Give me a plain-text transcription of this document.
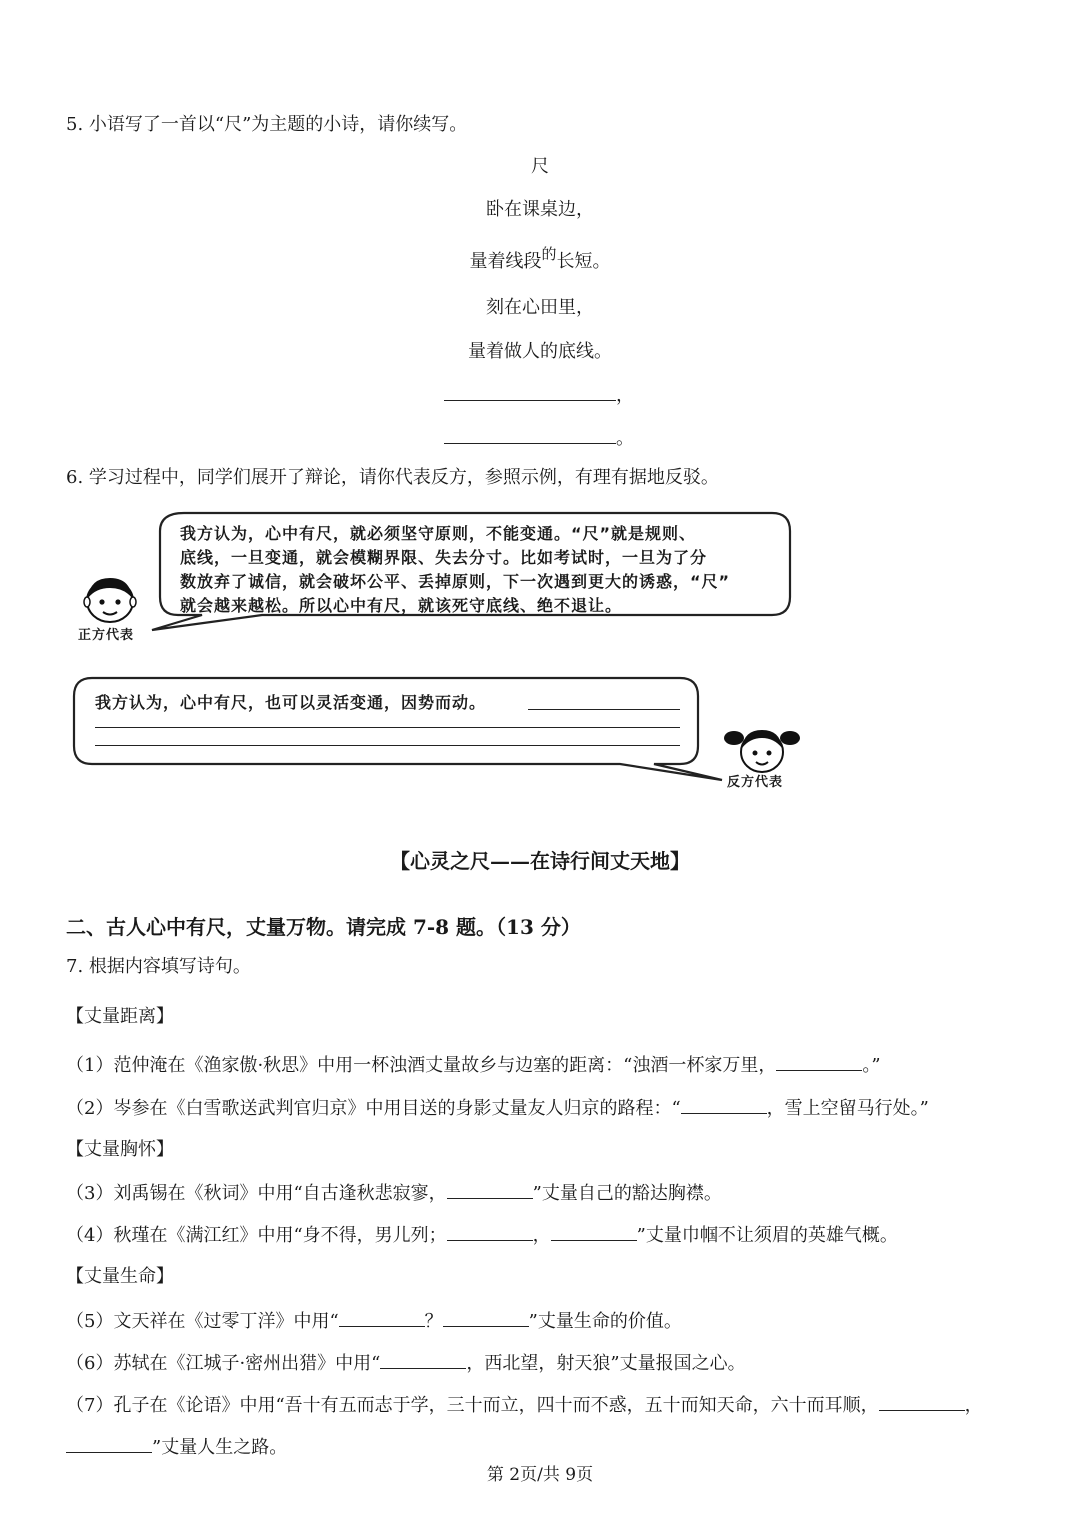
5. 小语写了一首以“尺”为主题的小诗，请你续写。
尺
卧在课桌边，
量着线段$^的$长短。
刻在心田里，
量着做人的底线。
，
。
6. 学习过程中，同学们展开了辩论，请你代表反方，参照示例，有理有据地反驳。
我方认为，心中有尺，就必须坚守原则，不能变通。“尺”就是规则、
底线，一旦变通，就会模糊界限、失去分寸。比如考试时，一旦为了分
数放弃了诚信，就会破坏公平、丢掉原则，下一次遇到更大的诱惑，“尺”
就会越来越松。所以心中有尺，就该死守底线、绝不退让。
正方代表
我方认为，心中有尺，也可以灵活变通，因势而动。
反方代表
【心灵之尺——在诗行间丈天地】
二、古人心中有尺，丈量万物。请完成 7-8 题。（13 分）
7. 根据内容填写诗句。
【丈量距离】
（1）范仲淹在《渔家傲·秋思》中用一杯浊酒丈量故乡与边塞的距离：“浊酒一杯家万里，	。”
（2）岑参在《白雪歌送武判官归京》中用目送的身影丈量友人归京的路程：“	，雪上空留马行处。”
【丈量胸怀】
（3）刘禹锡在《秋词》中用“自古逢秋悲寂寥，	”丈量自己的豁达胸襟。
（4）秋瑾在《满江红》中用“身不得，男儿列；	，	”丈量巾帼不让须眉的英雄气概。
【丈量生命】
（5）文天祥在《过零丁洋》中用“	？	”丈量生命的价值。
（6）苏轼在《江城子·密州出猎》中用“	，西北望，射天狼”丈量报国之心。
（7）孔子在《论语》中用“吾十有五而志于学，三十而立，四十而不惑，五十而知天命，六十而耳顺，	，
”丈量人生之路。
第 2页/共 9页
